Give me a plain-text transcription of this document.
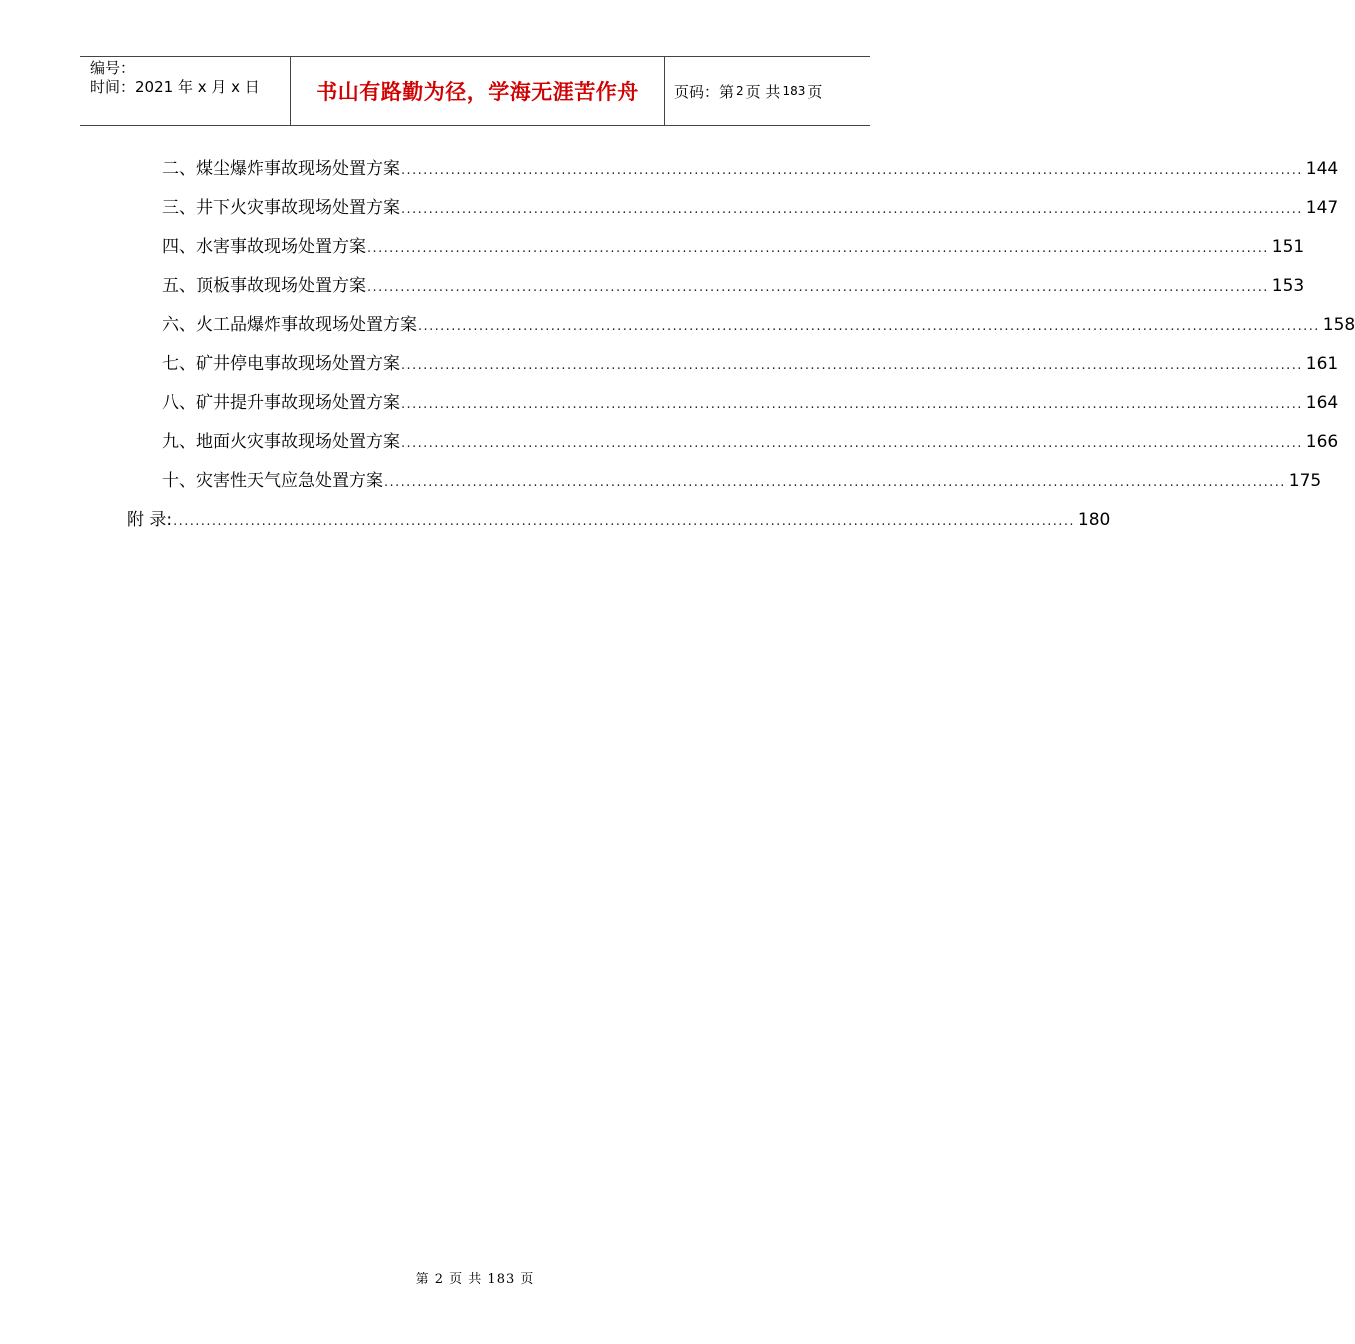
编号：
时间：2021 年 x 月 x 日	书山有路勤为径，学海无涯苦作舟	页码：第 2 页 共 183 页
二、煤尘爆炸事故现场处置方案 ................................................................................................................................................................... 144
三、井下火灾事故现场处置方案 ................................................................................................................................................................... 147
四、水害事故现场处置方案 ................................................................................................................................................................... 151
五、顶板事故现场处置方案 ................................................................................................................................................................... 153
六、火工品爆炸事故现场处置方案 ................................................................................................................................................................... 158
七、矿井停电事故现场处置方案 ................................................................................................................................................................... 161
八、矿井提升事故现场处置方案 ................................................................................................................................................................... 164
九、地面火灾事故现场处置方案 ................................................................................................................................................................... 166
十、灾害性天气应急处置方案 ................................................................................................................................................................... 175
附 录: ................................................................................................................................................................... 180
第 2 页 共 183 页
